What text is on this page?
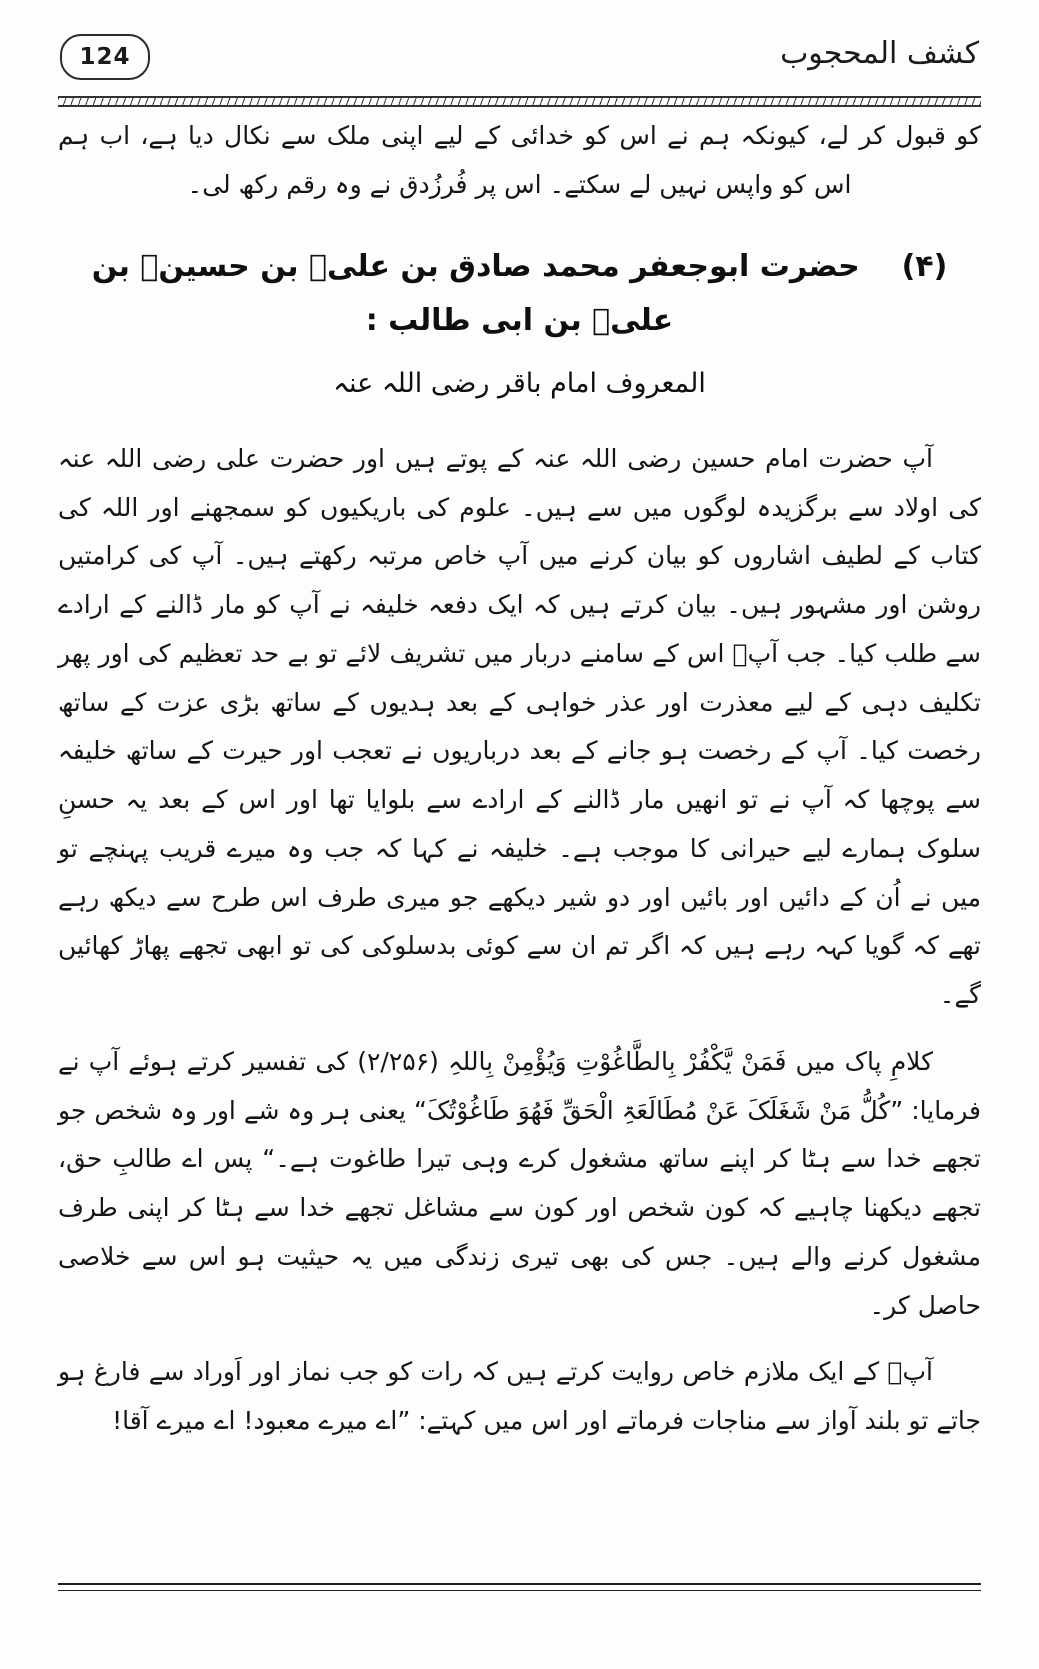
124	كشف المحجوب

کو قبول کر لے، کیونکہ ہم نے اس کو خدائی کے لیے اپنی ملک سے نکال دیا ہے، اب ہم اس کو واپس نہیں لے سکتے۔ اس پر فُرزُدق نے وہ رقم رکھ لی۔

(۴)    حضرت ابوجعفر محمد صادق بن علیؓ بن حسینؓ بن علیؓ بن ابی طالب :
المعروف امام باقر رضی اللہ عنہ

آپ حضرت امام حسین رضی اللہ عنہ کے پوتے ہیں اور حضرت علی رضی اللہ عنہ کی اولاد سے برگزیدہ لوگوں میں سے ہیں۔ علوم کی باریکیوں کو سمجھنے اور اللہ کی کتاب کے لطیف اشاروں کو بیان کرنے میں آپ خاص مرتبہ رکھتے ہیں۔ آپ کی کرامتیں روشن اور مشہور ہیں۔ بیان کرتے ہیں کہ ایک دفعہ خلیفہ نے آپ کو مار ڈالنے کے ارادے سے طلب کیا۔ جب آپؓ اس کے سامنے دربار میں تشریف لائے تو بے حد تعظیم کی اور پھر تکلیف دہی کے لیے معذرت اور عذر خواہی کے بعد ہدیوں کے ساتھ بڑی عزت کے ساتھ رخصت کیا۔ آپ کے رخصت ہو جانے کے بعد درباریوں نے تعجب اور حیرت کے ساتھ خلیفہ سے پوچھا کہ آپ نے تو انھیں مار ڈالنے کے ارادے سے بلوایا تھا اور اس کے بعد یہ حسنِ سلوک ہمارے لیے حیرانی کا موجب ہے۔ خلیفہ نے کہا کہ جب وہ میرے قریب پہنچے تو میں نے اُن کے دائیں اور بائیں اور دو شیر دیکھے جو میری طرف اس طرح سے دیکھ رہے تھے کہ گویا کہہ رہے ہیں کہ اگر تم ان سے کوئی بدسلوکی کی تو ابھی تجھے پھاڑ کھائیں گے۔

کلامِ پاک میں فَمَنْ یَّکْفُرْ بِالطَّاغُوْتِ وَیُؤْمِنْ بِاللہِ (۲/۲۵۶) کی تفسیر کرتے ہوئے آپ نے فرمایا: ”کُلُّ مَنْ شَغَلَکَ عَنْ مُطَالَعَۃِ الْحَقِّ فَھُوَ طَاغُوْتُکَ“ یعنی ہر وہ شے اور وہ شخص جو تجھے خدا سے ہٹا کر اپنے ساتھ مشغول کرے وہی تیرا طاغوت ہے۔“ پس اے طالبِ حق، تجھے دیکھنا چاہیے کہ کون شخص اور کون سے مشاغل تجھے خدا سے ہٹا کر اپنی طرف مشغول کرنے والے ہیں۔ جس کی بھی تیری زندگی میں یہ حیثیت ہو اس سے خلاصی حاصل کر۔

آپؓ کے ایک ملازم خاص روایت کرتے ہیں کہ رات کو جب نماز اور اَوراد سے فارغ ہو جاتے تو بلند آواز سے مناجات فرماتے اور اس میں کہتے: ”اے میرے معبود! اے میرے آقا!
